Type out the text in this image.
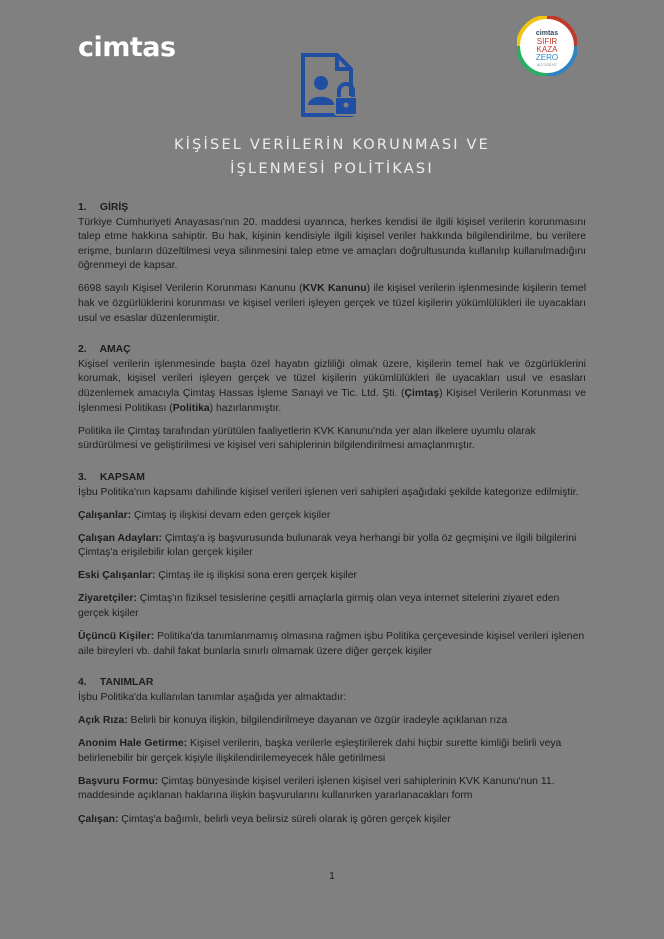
cimtas	cimtas
SIFIR
KAZA
ZERO
ACCIDENT
KİŞİSEL VERİLERİN KORUNMASI VE
İŞLENMESİ POLİTİKASI
1. GİRİŞ

Türkiye Cumhuriyeti Anayasası'nın 20. maddesi uyarınca, herkes kendisi ile ilgili kişisel verilerin korunmasını talep etme hakkına sahiptir. Bu hak, kişinin kendisiyle ilgili kişisel veriler hakkında bilgilendirilme, bu verilere erişme, bunların düzeltilmesi veya silinmesini talep etme ve amaçları doğrultusunda kullanılıp kullanılmadığını öğrenmeyi de kapsar.

6698 sayılı Kişisel Verilerin Korunması Kanunu (KVK Kanunu) ile kişisel verilerin işlenmesinde kişilerin temel hak ve özgürlüklerini korunması ve kişisel verileri işleyen gerçek ve tüzel kişilerin yükümlülükleri ile uyacakları usul ve esaslar düzenlenmiştir.

2. AMAÇ

Kişisel verilerin işlenmesinde başta özel hayatın gizliliği olmak üzere, kişilerin temel hak ve özgürlüklerini korumak, kişisel verileri işleyen gerçek ve tüzel kişilerin yükümlülükleri ile uyacakları usul ve esasları düzenlemek amacıyla Çimtaş Hassas İşleme Sanayi ve Tic. Ltd. Şti. (Çimtaş) Kişisel Verilerin Korunması ve İşlenmesi Politikası (Politika) hazırlanmıştır.

Politika ile Çimtaş tarafından yürütülen faaliyetlerin KVK Kanunu'nda yer alan ilkelere uyumlu olarak sürdürülmesi ve geliştirilmesi ve kişisel veri sahiplerinin bilgilendirilmesi amaçlanmıştır.

3. KAPSAM

İşbu Politika'nın kapsamı dahilinde kişisel verileri işlenen veri sahipleri aşağıdaki şekilde kategorize edilmiştir.

Çalışanlar: Çimtaş iş ilişkisi devam eden gerçek kişiler

Çalışan Adayları: Çimtaş'a iş başvurusunda bulunarak veya herhangi bir yolla öz geçmişini ve ilgili bilgilerini Çimtaş'a erişilebilir kılan gerçek kişiler

Eski Çalışanlar: Çimtaş ile iş ilişkisi sona eren gerçek kişiler

Ziyaretçiler: Çimtaş'ın fiziksel tesislerine çeşitli amaçlarla girmiş olan veya internet sitelerini ziyaret eden gerçek kişiler

Üçüncü Kişiler: Politika'da tanımlanmamış olmasına rağmen işbu Politika çerçevesinde kişisel verileri işlenen aile bireyleri vb. dahil fakat bunlarla sınırlı olmamak üzere diğer gerçek kişiler

4. TANIMLAR

İşbu Politika'da kullanılan tanımlar aşağıda yer almaktadır:

Açık Rıza: Belirli bir konuya ilişkin, bilgilendirilmeye dayanan ve özgür iradeyle açıklanan rıza

Anonim Hale Getirme: Kişisel verilerin, başka verilerle eşleştirilerek dahi hiçbir surette kimliği belirli veya belirlenebilir bir gerçek kişiyle ilişkilendirilemeyecek hâle getirilmesi

Başvuru Formu: Çimtaş bünyesinde kişisel verileri işlenen kişisel veri sahiplerinin KVK Kanunu'nun 11. maddesinde açıklanan haklarına ilişkin başvurularını kullanırken yararlanacakları form

Çalışan: Çimtaş'a bağımlı, belirli veya belirsiz süreli olarak iş gören gerçek kişiler

1
